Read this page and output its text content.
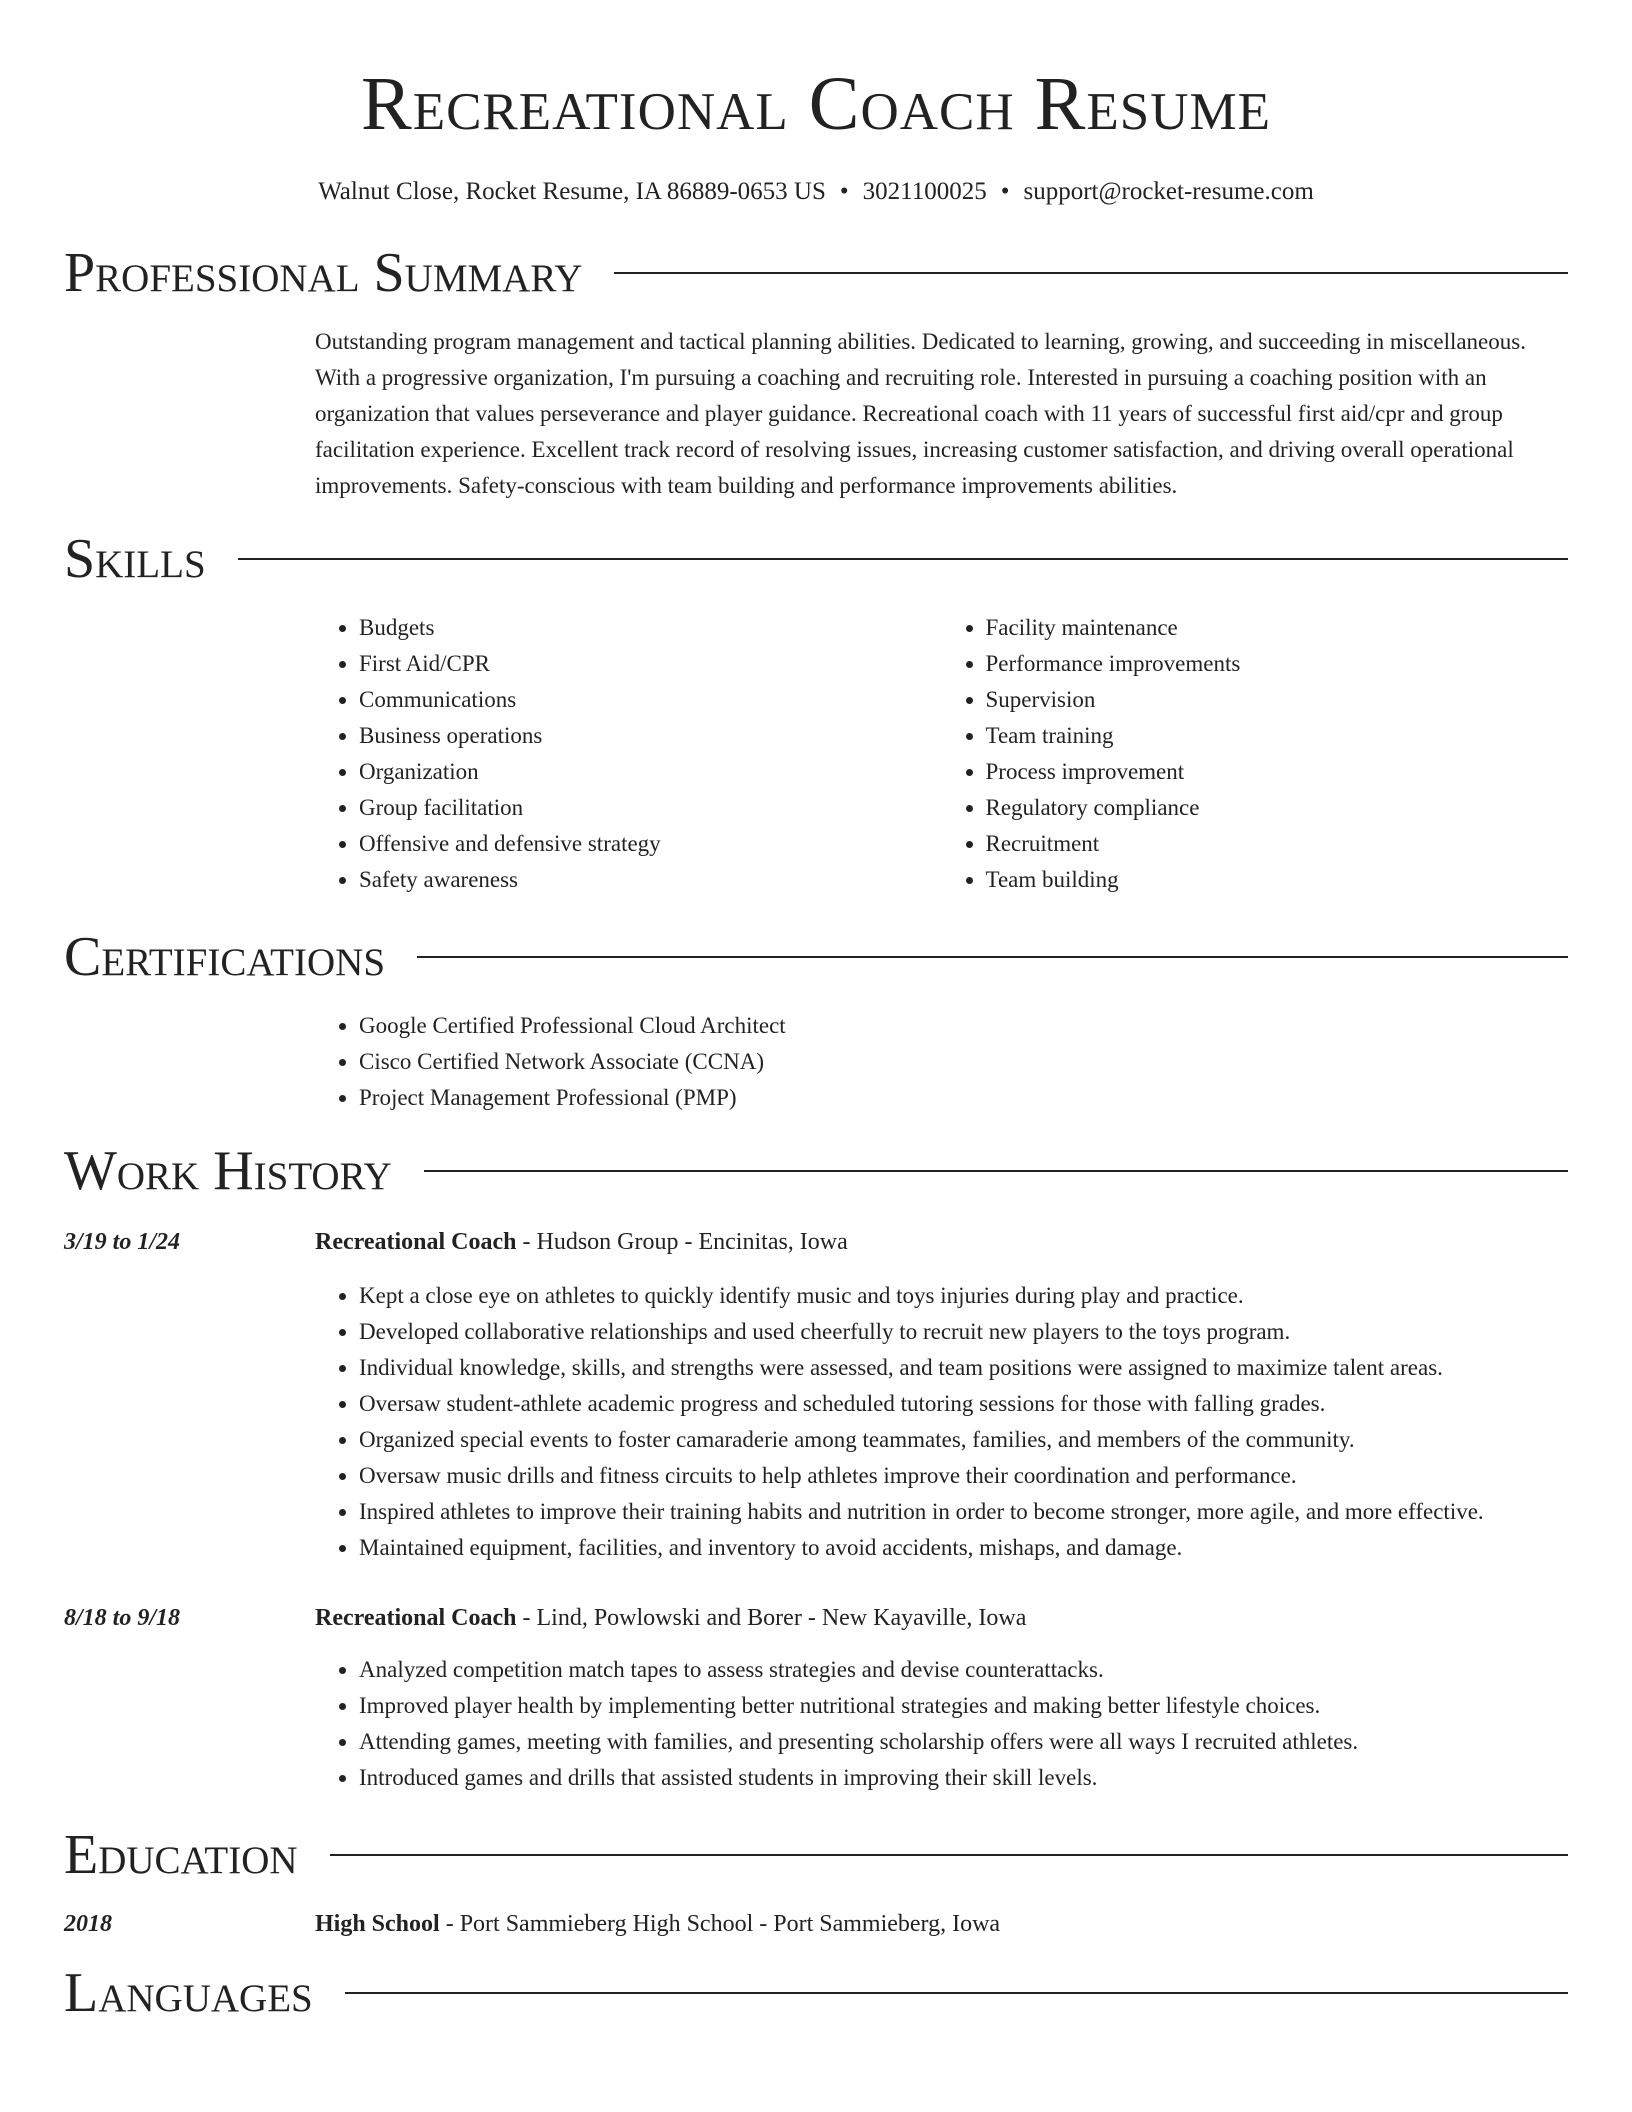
Recreational Coach Resume
Walnut Close, Rocket Resume, IA 86889-0653 US • 3021100025 • support@rocket-resume.com
Professional Summary

Outstanding program management and tactical planning abilities. Dedicated to learning, growing, and succeeding in miscellaneous. With a progressive organization, I'm pursuing a coaching and recruiting role. Interested in pursuing a coaching position with an organization that values perseverance and player guidance. Recreational coach with 11 years of successful first aid/cpr and group facilitation experience. Excellent track record of resolving issues, increasing customer satisfaction, and driving overall operational improvements. Safety-conscious with team building and performance improvements abilities.

Skills
• Budgets
• First Aid/CPR
• Communications
• Business operations
• Organization
• Group facilitation
• Offensive and defensive strategy
• Safety awareness
• Facility maintenance
• Performance improvements
• Supervision
• Team training
• Process improvement
• Regulatory compliance
• Recruitment
• Team building
Certifications
• Google Certified Professional Cloud Architect
• Cisco Certified Network Associate (CCNA)
• Project Management Professional (PMP)
Work History
3/19 to 1/24	Recreational Coach - Hudson Group - Encinitas, Iowa
• Kept a close eye on athletes to quickly identify music and toys injuries during play and practice.
• Developed collaborative relationships and used cheerfully to recruit new players to the toys program.
• Individual knowledge, skills, and strengths were assessed, and team positions were assigned to maximize talent areas.
• Oversaw student-athlete academic progress and scheduled tutoring sessions for those with falling grades.
• Organized special events to foster camaraderie among teammates, families, and members of the community.
• Oversaw music drills and fitness circuits to help athletes improve their coordination and performance.
• Inspired athletes to improve their training habits and nutrition in order to become stronger, more agile, and more effective.
• Maintained equipment, facilities, and inventory to avoid accidents, mishaps, and damage.
8/18 to 9/18	Recreational Coach - Lind, Powlowski and Borer - New Kayaville, Iowa
• Analyzed competition match tapes to assess strategies and devise counterattacks.
• Improved player health by implementing better nutritional strategies and making better lifestyle choices.
• Attending games, meeting with families, and presenting scholarship offers were all ways I recruited athletes.
• Introduced games and drills that assisted students in improving their skill levels.
Education
2018	High School - Port Sammieberg High School - Port Sammieberg, Iowa
Languages
